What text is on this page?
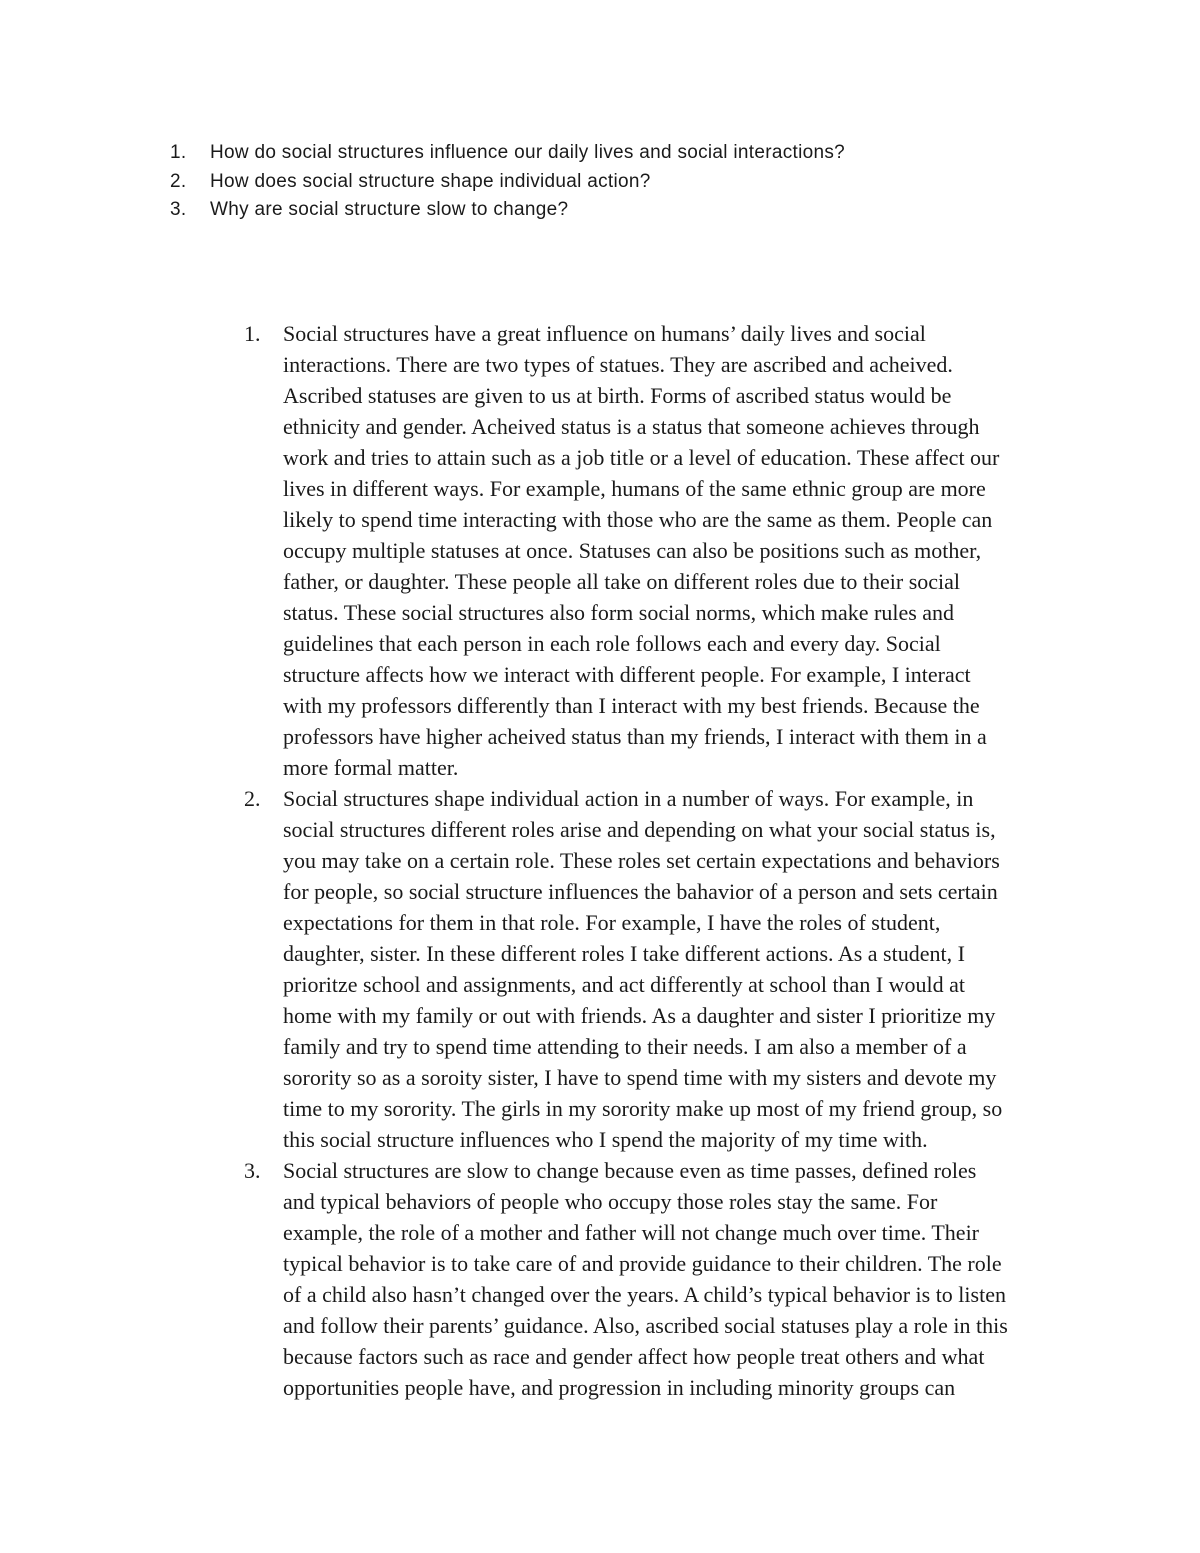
1.	How do social structures influence our daily lives and social interactions?
2.	How does social structure shape individual action?
3.	Why are social structure slow to change?
1.	Social structures have a great influence on humans’ daily lives and social
interactions. There are two types of statues. They are ascribed and acheived.
Ascribed statuses are given to us at birth. Forms of ascribed status would be
ethnicity and gender. Acheived status is a status that someone achieves through
work and tries to attain such as a job title or a level of education. These affect our
lives in different ways. For example, humans of the same ethnic group are more
likely to spend time interacting with those who are the same as them. People can
occupy multiple statuses at once. Statuses can also be positions such as mother,
father, or daughter. These people all take on different roles due to their social
status. These social structures also form social norms, which make rules and
guidelines that each person in each role follows each and every day. Social
structure affects how we interact with different people. For example, I interact
with my professors differently than I interact with my best friends. Because the
professors have higher acheived status than my friends, I interact with them in a
more formal matter.
2.	Social structures shape individual action in a number of ways. For example, in
social structures different roles arise and depending on what your social status is,
you may take on a certain role. These roles set certain expectations and behaviors
for people, so social structure influences the bahavior of a person and sets certain
expectations for them in that role. For example, I have the roles of student,
daughter, sister. In these different roles I take different actions. As a student, I
prioritze school and assignments, and act differently at school than I would at
home with my family or out with friends. As a daughter and sister I prioritize my
family and try to spend time attending to their needs. I am also a member of a
sorority so as a soroity sister, I have to spend time with my sisters and devote my
time to my sorority. The girls in my sorority make up most of my friend group, so
this social structure influences who I spend the majority of my time with.
3.	Social structures are slow to change because even as time passes, defined roles
and typical behaviors of people who occupy those roles stay the same. For
example, the role of a mother and father will not change much over time. Their
typical behavior is to take care of and provide guidance to their children. The role
of a child also hasn’t changed over the years. A child’s typical behavior is to listen
and follow their parents’ guidance. Also, ascribed social statuses play a role in this
because factors such as race and gender affect how people treat others and what
opportunities people have, and progression in including minority groups can
